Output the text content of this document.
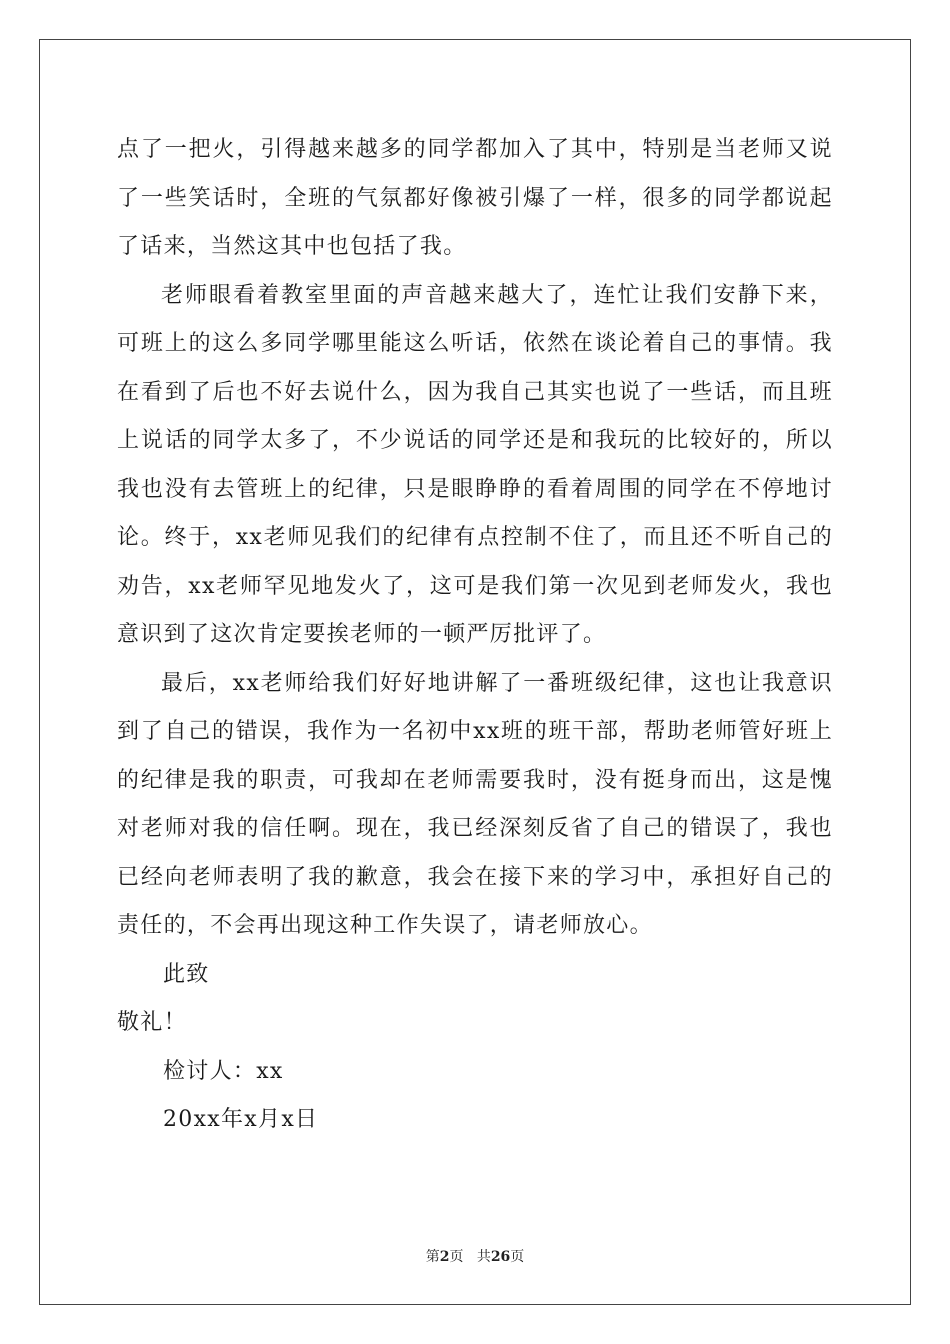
点了一把火，引得越来越多的同学都加入了其中，特别是当老师又说了一些笑话时，全班的气氛都好像被引爆了一样，很多的同学都说起了话来，当然这其中也包括了我。

老师眼看着教室里面的声音越来越大了，连忙让我们安静下来，可班上的这么多同学哪里能这么听话，依然在谈论着自己的事情。我在看到了后也不好去说什么，因为我自己其实也说了一些话，而且班上说话的同学太多了，不少说话的同学还是和我玩的比较好的，所以我也没有去管班上的纪律，只是眼睁睁的看着周围的同学在不停地讨论。终于，xx老师见我们的纪律有点控制不住了，而且还不听自己的劝告，xx老师罕见地发火了，这可是我们第一次见到老师发火，我也意识到了这次肯定要挨老师的一顿严厉批评了。

最后，xx老师给我们好好地讲解了一番班级纪律，这也让我意识到了自己的错误，我作为一名初中xx班的班干部，帮助老师管好班上的纪律是我的职责，可我却在老师需要我时，没有挺身而出，这是愧对老师对我的信任啊。现在，我已经深刻反省了自己的错误了，我也已经向老师表明了我的歉意，我会在接下来的学习中，承担好自己的责任的，不会再出现这种工作失误了，请老师放心。

此致

敬礼！

检讨人：xx

20xx年x月x日

第2页 共26页
